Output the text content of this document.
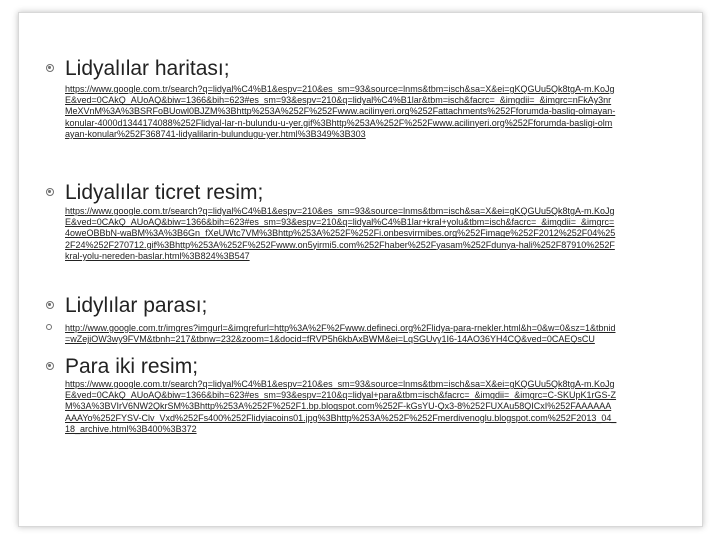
Lidyalılar haritası;
https://www.google.com.tr/search?q=lidyal%C4%B1&espv=210&es_sm=93&source=lnms&tbm=isch&sa=X&ei=gKQGUu5Qk8tgA-m.KoJgE&ved=0CAkQ_AUoAQ&biw=1366&bih=623#es_sm=93&espv=210&q=lidyal%C4%B1lar&tbm=isch&facrc=_&imgdii=_&imgrc=nFkAy3nrMeXVnM%3A%3BSRFoBUowl0BJZM%3Bhttp%253A%252F%252Fwww.acilinyeri.org%252Fattachments%252Fforumda-baslig-olmayan-konular-4000d1344174088%252Flidyal-lar-n-bulundu-u-yer.gif%3Bhttp%253A%252F%252Fwww.acilinyeri.org%252Fforumda-basligi-olmayan-konular%252F368741-lidyalilarin-bulundugu-yer.html%3B349%3B303
Lidyalılar ticret resim;
https://www.google.com.tr/search?q=lidyal%C4%B1&espv=210&es_sm=93&source=lnms&tbm=isch&sa=X&ei=gKQGUu5Qk8tgA-m.KoJgE&ved=0CAkQ_AUoAQ&biw=1366&bih=623#es_sm=93&espv=210&q=lidyal%C4%B1lar+kral+yolu&tbm=isch&facrc=_&imgdii=_&imgrc=4oweOBBbN-waBM%3A%3B6Gn_fXeUWtc7VM%3Bhttp%253A%252F%252Fi.onbesvirmibes.org%252Fimage%252F2012%252F04%252F24%252F270712.gif%3Bhttp%253A%252F%252Fwww.on5yirmi5.com%252Fhaber%252Fyasam%252Fdunya-hali%252F87910%252Fkral-yolu-nereden-baslar.html%3B824%3B547
Lidylılar parası;
http://www.google.com.tr/imgres?imgurl=&imgrefurl=http%3A%2F%2Fwww.defineci.org%2Flidya-para-rnekler.html&h=0&w=0&sz=1&tbnid=wZejiOW3wy9FVM&tbnh=217&tbnw=232&zoom=1&docid=fRVP5h6kbAxBWM&ei=LqSGUvy1I6-14AO36YH4CQ&ved=0CAEQsCU
Para iki resim;
https://www.google.com.tr/search?q=lidyal%C4%B1&espv=210&es_sm=93&source=lnms&tbm=isch&sa=X&ei=gKQGUu5Qk8tgA-m.KoJgE&ved=0CAkQ_AUoAQ&biw=1366&bih=623#es_sm=93&espv=210&q=lidyal+para&tbm=isch&facrc=_&imgdii=_&imgrc=C-SKUpK1rGS-ZM%3A%3BVIrV6NW2QkrSM%3Bhttp%253A%252F%252F1.bp.blogspot.com%252F-kGsYU-Qx3-8%252FUXAu58QICxI%252FAAAAAAAAAYo%252FYSV-Clv_Vxd%252Fs400%252Flidyiacoins01.jpg%3Bhttp%253A%252F%252Fmerdivenoglu.blogspot.com%252F2013_04_18_archive.html%3B400%3B372
